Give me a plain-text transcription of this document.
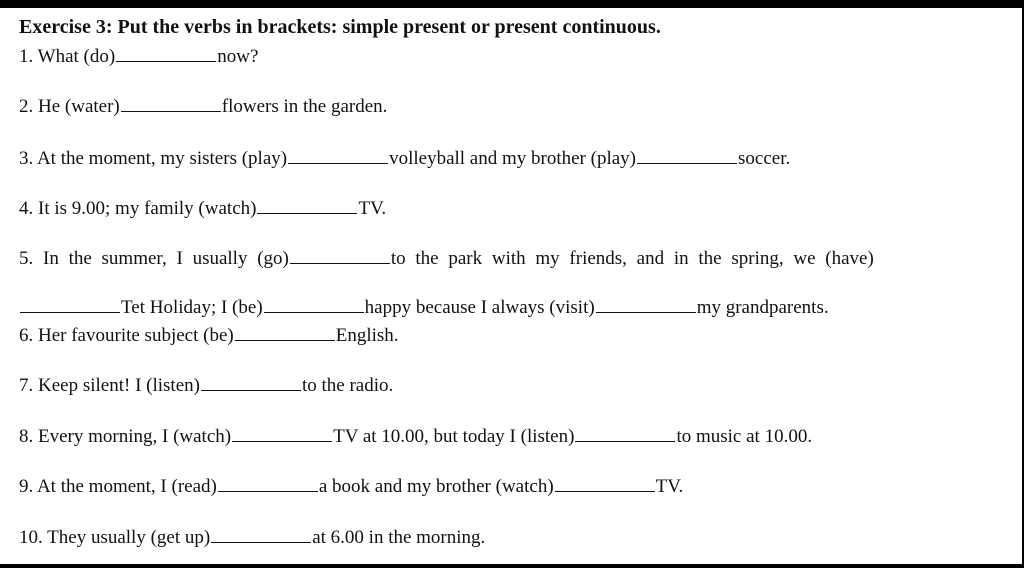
Exercise 3: Put the verbs in brackets: simple present or present continuous.
1. What (do)	now?
2. He (water)	flowers in the garden.
3. At the moment, my sisters (play)	volleyball and my brother (play)	soccer.
4. It is 9.00; my family (watch)	TV.
5. In the summer, I usually (go)	to the park with my friends, and in the spring, we (have)
Tet Holiday; I (be)	happy because I always (visit)	my grandparents.
6. Her favourite subject (be)	English.
7. Keep silent! I (listen)	to the radio.
8. Every morning, I (watch)	TV at 10.00, but today I (listen)	to music at 10.00.
9. At the moment, I (read)	a book and my brother (watch)	TV.
10. They usually (get up)	at 6.00 in the morning.
